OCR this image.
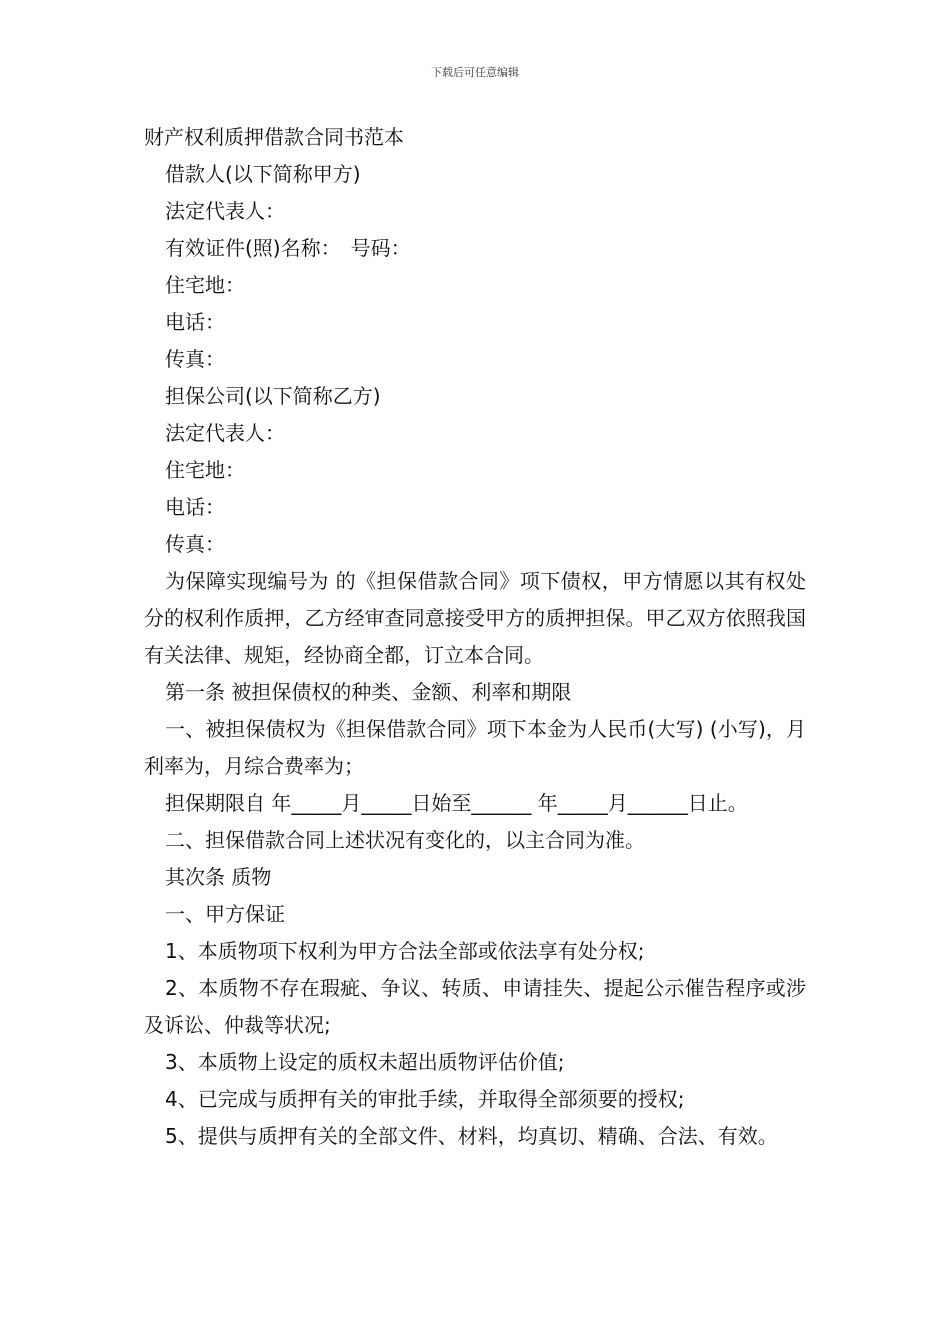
下载后可任意编辑
财产权利质押借款合同书范本

借款人(以下简称甲方)

法定代表人：

有效证件(照)名称：　号码：

住宅地：

电话：

传真：

担保公司(以下简称乙方)

法定代表人：

住宅地：

电话：

传真：

为保障实现编号为 的《担保借款合同》项下债权，甲方情愿以其有权处分的权利作质押，乙方经审查同意接受甲方的质押担保。甲乙双方依照我国有关法律、规矩，经协商全都，订立本合同。

第一条 被担保债权的种类、金额、利率和期限

一、被担保债权为《担保借款合同》项下本金为人民币(大写) (小写)，月利率为，月综合费率为；

担保期限自 年_____月_____日始至______ 年_____月______日止。

二、担保借款合同上述状况有变化的，以主合同为准。

其次条 质物

一、甲方保证

1、本质物项下权利为甲方合法全部或依法享有处分权;

2、本质物不存在瑕疵、争议、转质、申请挂失、提起公示催告程序或涉及诉讼、仲裁等状况;

3、本质物上设定的质权未超出质物评估价值;

4、已完成与质押有关的审批手续，并取得全部须要的授权;

5、提供与质押有关的全部文件、材料，均真切、精确、合法、有效。
